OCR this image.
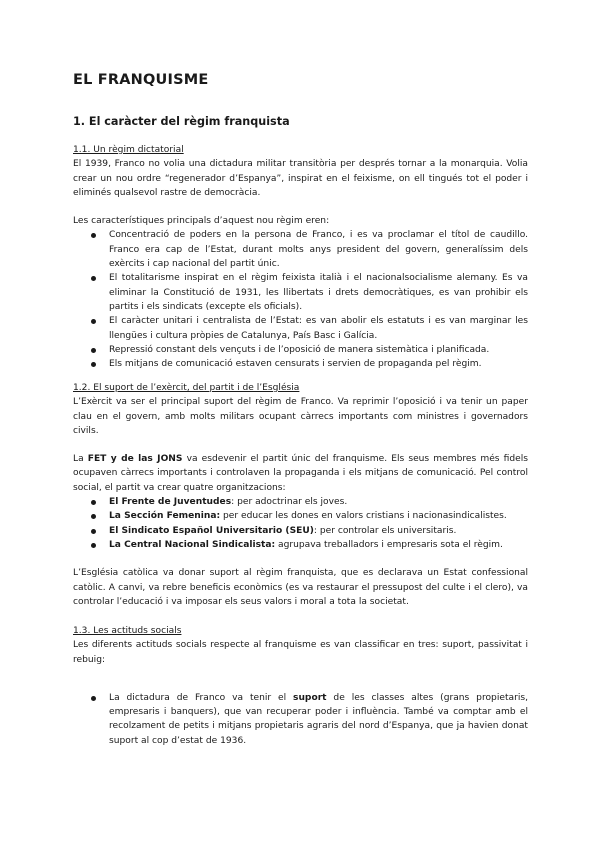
EL FRANQUISME
1. El caràcter del règim franquista
1.1. Un règim dictatorial

El 1939, Franco no volia una dictadura militar transitòria per després tornar a la monarquia. Volia crear un nou ordre “regenerador d’Espanya”, inspirat en el feixisme, on ell tingués tot el poder i eliminés qualsevol rastre de democràcia.

Les característiques principals d’aquest nou règim eren:

Concentració de poders en la persona de Franco, i es va proclamar el títol de caudillo. Franco era cap de l’Estat, durant molts anys president del govern, generalíssim dels exèrcits i cap nacional del partit únic.
El totalitarisme inspirat en el règim feixista italià i el nacionalsocialisme alemany. Es va eliminar la Constitució de 1931, les llibertats i drets democràtiques, es van prohibir els partits i els sindicats (excepte els oficials).
El caràcter unitari i centralista de l’Estat: es van abolir els estatuts i es van marginar les llengües i cultura pròpies de Catalunya, País Basc i Galícia.
Repressió constant dels vençuts i de l’oposició de manera sistemàtica i planificada.
Els mitjans de comunicació estaven censurats i servien de propaganda pel règim.
1.2. El suport de l’exèrcit, del partit i de l’Església

L’Exèrcit va ser el principal suport del règim de Franco. Va reprimir l’oposició i va tenir un paper clau en el govern, amb molts militars ocupant càrrecs importants com ministres i governadors civils.

La FET y de las JONS va esdevenir el partit únic del franquisme. Els seus membres més fidels ocupaven càrrecs importants i controlaven la propaganda i els mitjans de comunicació. Pel control social, el partit va crear quatre organitzacions:

El Frente de Juventudes: per adoctrinar els joves.
La Sección Femenina: per educar les dones en valors cristians i nacionasindicalistes.
El Sindicato Español Universitario (SEU): per controlar els universitaris.
La Central Nacional Sindicalista: agrupava treballadors i empresaris sota el règim.

L’Església catòlica va donar suport al règim franquista, que es declarava un Estat confessional catòlic. A canvi, va rebre beneficis econòmics (es va restaurar el pressupost del culte i el clero), va controlar l’educació i va imposar els seus valors i moral a tota la societat.

1.3. Les actituds socials

Les diferents actituds socials respecte al franquisme es van classificar en tres: suport, passivitat i rebuig:

La dictadura de Franco va tenir el suport de les classes altes (grans propietaris, empresaris i banquers), que van recuperar poder i influència. També va comptar amb el recolzament de petits i mitjans propietaris agraris del nord d’Espanya, que ja havien donat suport al cop d’estat de 1936.
